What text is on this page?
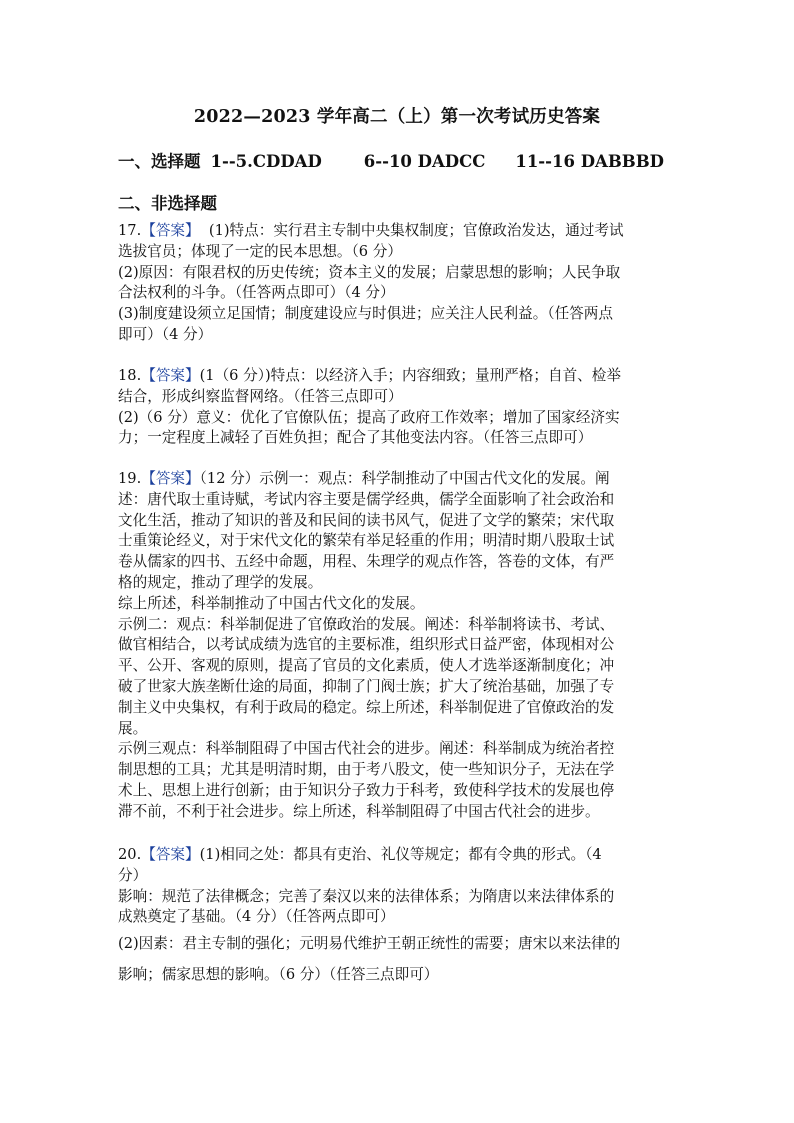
2022—2023 学年高二（上）第一次考试历史答案
一、选择题 1--5.CDDAD	6--10 DADCC 11--16 DABBBD
二、非选择题
17.【答案】  (1)特点：实行君主专制中央集权制度；官僚政治发达，通过考试
选拔官员；体现了一定的民本思想。（6 分）
(2)原因：有限君权的历史传统；资本主义的发展；启蒙思想的影响；人民争取
合法权利的斗争。（任答两点即可）（4 分）
(3)制度建设须立足国情；制度建设应与时俱进；应关注人民利益。（任答两点
即可）（4 分）
18.【答案】(1（6 分）)特点：以经济入手；内容细致；量刑严格；自首、检举
结合，形成纠察监督网络。（任答三点即可）
(2)（6 分）意义：优化了官僚队伍；提高了政府工作效率；增加了国家经济实
力；一定程度上减轻了百姓负担；配合了其他变法内容。（任答三点即可）
19.【答案】（12 分）示例一：观点：科学制推动了中国古代文化的发展。阐
述：唐代取士重诗赋，考试内容主要是儒学经典，儒学全面影响了社会政治和
文化生活，推动了知识的普及和民间的读书风气，促进了文学的繁荣；宋代取
士重策论经义，对于宋代文化的繁荣有举足轻重的作用；明清时期八股取士试
卷从儒家的四书、五经中命题，用程、朱理学的观点作答，答卷的文体，有严
格的规定，推动了理学的发展。
综上所述，科举制推动了中国古代文化的发展。
示例二：观点：科举制促进了官僚政治的发展。阐述：科举制将读书、考试、
做官相结合，以考试成绩为选官的主要标准，组织形式日益严密，体现相对公
平、公开、客观的原则，提高了官员的文化素质，使人才选举逐渐制度化；冲
破了世家大族垄断仕途的局面，抑制了门阀士族；扩大了统治基础，加强了专
制主义中央集权，有利于政局的稳定。综上所述，科举制促进了官僚政治的发
展。
示例三观点：科举制阻碍了中国古代社会的进步。阐述：科举制成为统治者控
制思想的工具；尤其是明清时期，由于考八股文，使一些知识分子，无法在学
术上、思想上进行创新；由于知识分子致力于科考，致使科学技术的发展也停
滞不前，不利于社会进步。综上所述，科举制阻碍了中国古代社会的进步。
20.【答案】(1)相同之处：都具有吏治、礼仪等规定；都有令典的形式。（4
分）
影响：规范了法律概念；完善了秦汉以来的法律体系；为隋唐以来法律体系的
成熟奠定了基础。（4 分）（任答两点即可）
(2)因素：君主专制的强化；元明易代维护王朝正统性的需要；唐宋以来法律的
影响；儒家思想的影响。（6 分）（任答三点即可）
